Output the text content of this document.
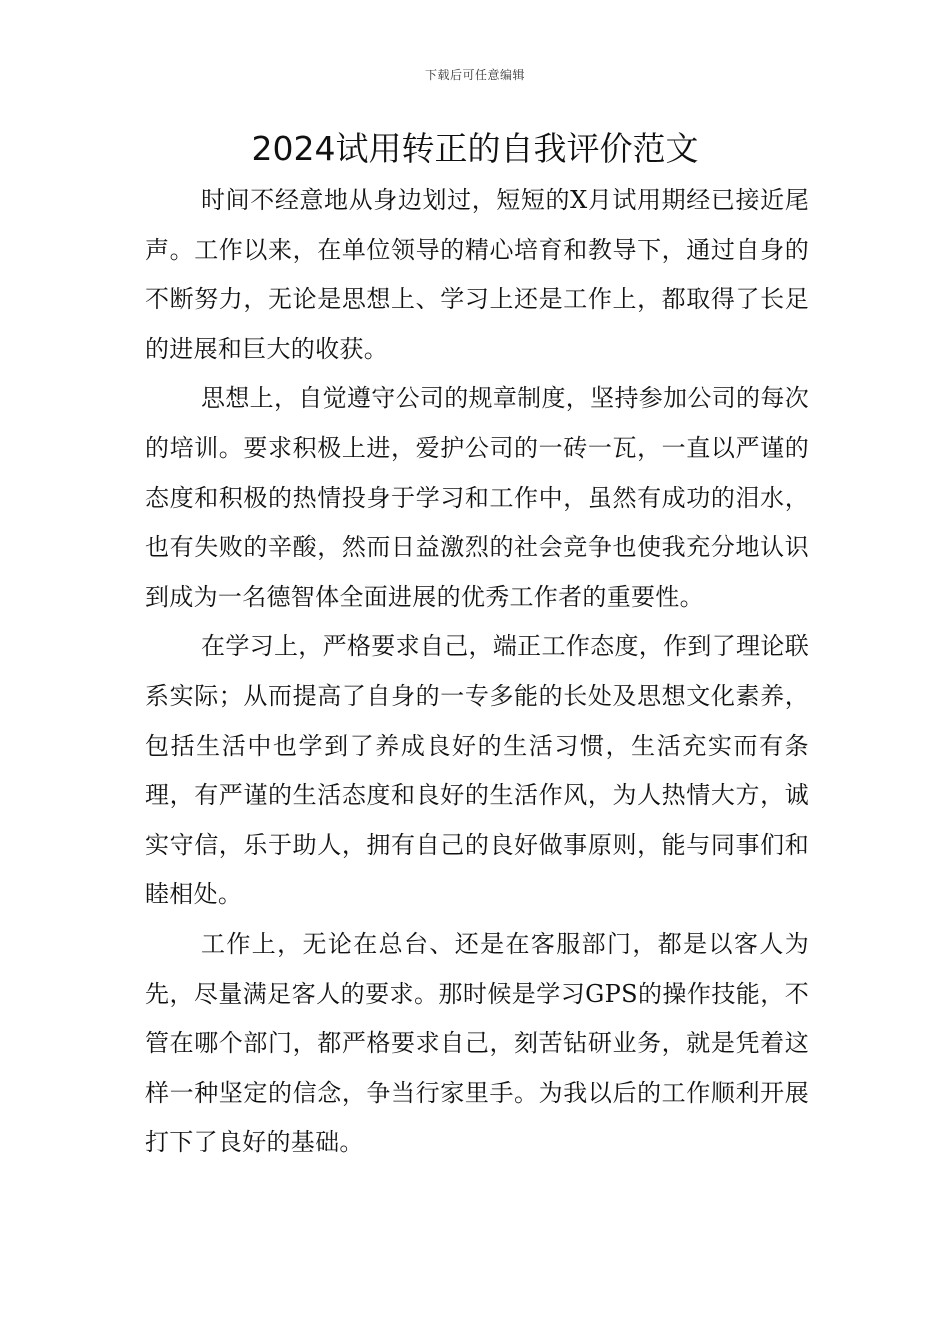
下载后可任意编辑
2024试用转正的自我评价范文

时间不经意地从身边划过，短短的X月试用期经已接近尾声。工作以来，在单位领导的精心培育和教导下，通过自身的不断努力，无论是思想上、学习上还是工作上，都取得了长足的进展和巨大的收获。

思想上，自觉遵守公司的规章制度，坚持参加公司的每次的培训。要求积极上进，爱护公司的一砖一瓦，一直以严谨的态度和积极的热情投身于学习和工作中，虽然有成功的泪水，也有失败的辛酸，然而日益激烈的社会竞争也使我充分地认识到成为一名德智体全面进展的优秀工作者的重要性。

在学习上，严格要求自己，端正工作态度，作到了理论联系实际；从而提高了自身的一专多能的长处及思想文化素养，包括生活中也学到了养成良好的生活习惯，生活充实而有条理，有严谨的生活态度和良好的生活作风，为人热情大方，诚实守信，乐于助人，拥有自己的良好做事原则，能与同事们和睦相处。

工作上，无论在总台、还是在客服部门，都是以客人为先，尽量满足客人的要求。那时候是学习GPS的操作技能，不管在哪个部门，都严格要求自己，刻苦钻研业务，就是凭着这样一种坚定的信念，争当行家里手。为我以后的工作顺利开展打下了良好的基础。
